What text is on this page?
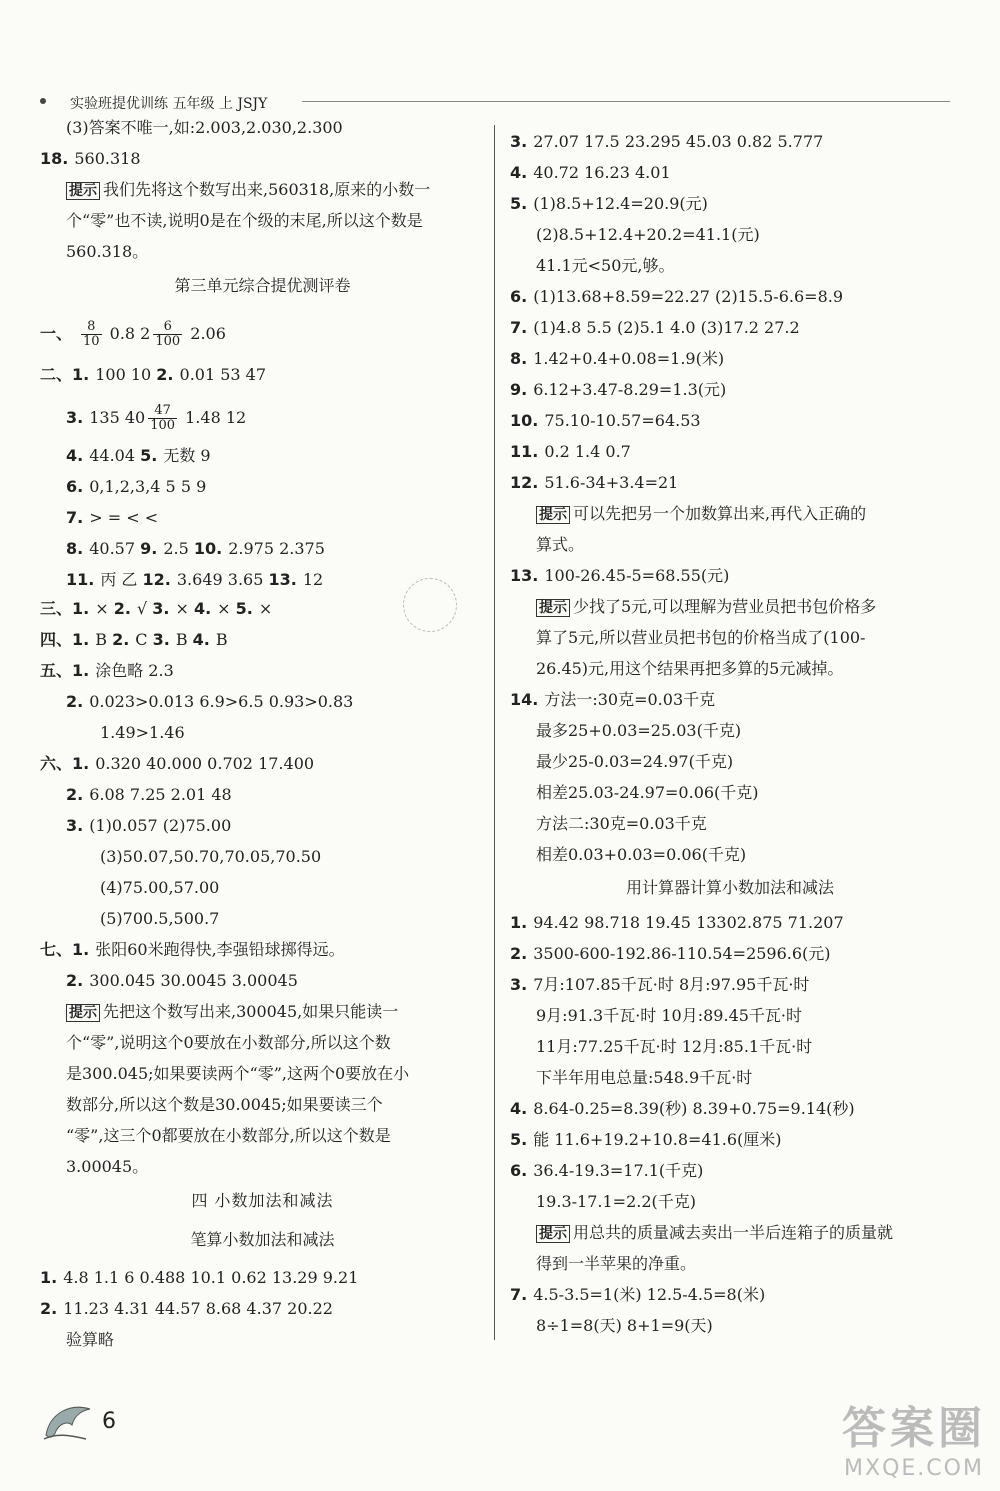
实验班提优训练 五年级 上 JSJY
(3)答案不唯一,如:2.003,2.030,2.300
18. 560.318
提示 我们先将这个数写出来,560318,原来的小数一
个“零”也不读,说明0是在个级的末尾,所以这个数是
560.318。
第三单元综合提优测评卷
一、 $\frac{8}{10} 0.8$ $2 \frac{6}{100} 2.06$
二、1. 100 10 2. 0.01 53 47
3. 135 $40 \frac{47}{100} 1.48$ 12
4. 44.04 5. 无数 9
6. 0,1,2,3,4 5 5 9
7. > = < <
8. 40.57 9. 2.5 10. 2.975 2.375
11. 丙 乙 12. 3.649 3.65 13. 12
三、1. × 2. √ 3. × 4. × 5. ×
四、1. B 2. C 3. B 4. B
五、1. 涂色略 2.3
2. 0.023>0.013 6.9>6.5 0.93>0.83
1.49>1.46
六、1. 0.320 40.000 0.702 17.400
2. 6.08 7.25 2.01 48
3. (1)0.057 (2)75.00
(3)50.07,50.70,70.05,70.50
(4)75.00,57.00
(5)700.5,500.7
七、1. 张阳60米跑得快,李强铅球掷得远。
2. 300.045 30.0045 3.00045
提示 先把这个数写出来,300045,如果只能读一
个“零”,说明这个0要放在小数部分,所以这个数
是300.045;如果要读两个“零”,这两个0要放在小
数部分,所以这个数是30.0045;如果要读三个
“零”,这三个0都要放在小数部分,所以这个数是
3.00045。
四 小数加法和减法
笔算小数加法和减法
1. 4.8 1.1 6 0.488 10.1 0.62 13.29 9.21
2. 11.23 4.31 44.57 8.68 4.37 20.22
验算略
3. 27.07 17.5 23.295 45.03 0.82 5.777
4. 40.72 16.23 4.01
5. (1)8.5+12.4=20.9(元)
(2)8.5+12.4+20.2=41.1(元)
41.1元<50元,够。
6. (1)13.68+8.59=22.27 (2)15.5-6.6=8.9
7. (1)4.8 5.5 (2)5.1 4.0 (3)17.2 27.2
8. 1.42+0.4+0.08=1.9(米)
9. 6.12+3.47-8.29=1.3(元)
10. 75.10-10.57=64.53
11. 0.2 1.4 0.7
12. 51.6-34+3.4=21
提示 可以先把另一个加数算出来,再代入正确的
算式。
13. 100-26.45-5=68.55(元)
提示 少找了5元,可以理解为营业员把书包价格多
算了5元,所以营业员把书包的价格当成了(100-
26.45)元,用这个结果再把多算的5元减掉。
14. 方法一:30克=0.03千克
最多25+0.03=25.03(千克)
最少25-0.03=24.97(千克)
相差25.03-24.97=0.06(千克)
方法二:30克=0.03千克
相差0.03+0.03=0.06(千克)
用计算器计算小数加法和减法
1. 94.42 98.718 19.45 13302.875 71.207
2. 3500-600-192.86-110.54=2596.6(元)
3. 7月:107.85千瓦·时 8月:97.95千瓦·时
9月:91.3千瓦·时 10月:89.45千瓦·时
11月:77.25千瓦·时 12月:85.1千瓦·时
下半年用电总量:548.9千瓦·时
4. 8.64-0.25=8.39(秒) 8.39+0.75=9.14(秒)
5. 能 11.6+19.2+10.8=41.6(厘米)
6. 36.4-19.3=17.1(千克)
19.3-17.1=2.2(千克)
提示 用总共的质量减去卖出一半后连箱子的质量就
得到一半苹果的净重。
7. 4.5-3.5=1(米) 12.5-4.5=8(米)
8÷1=8(天) 8+1=9(天)
6	答案圈
MXQE.COM
